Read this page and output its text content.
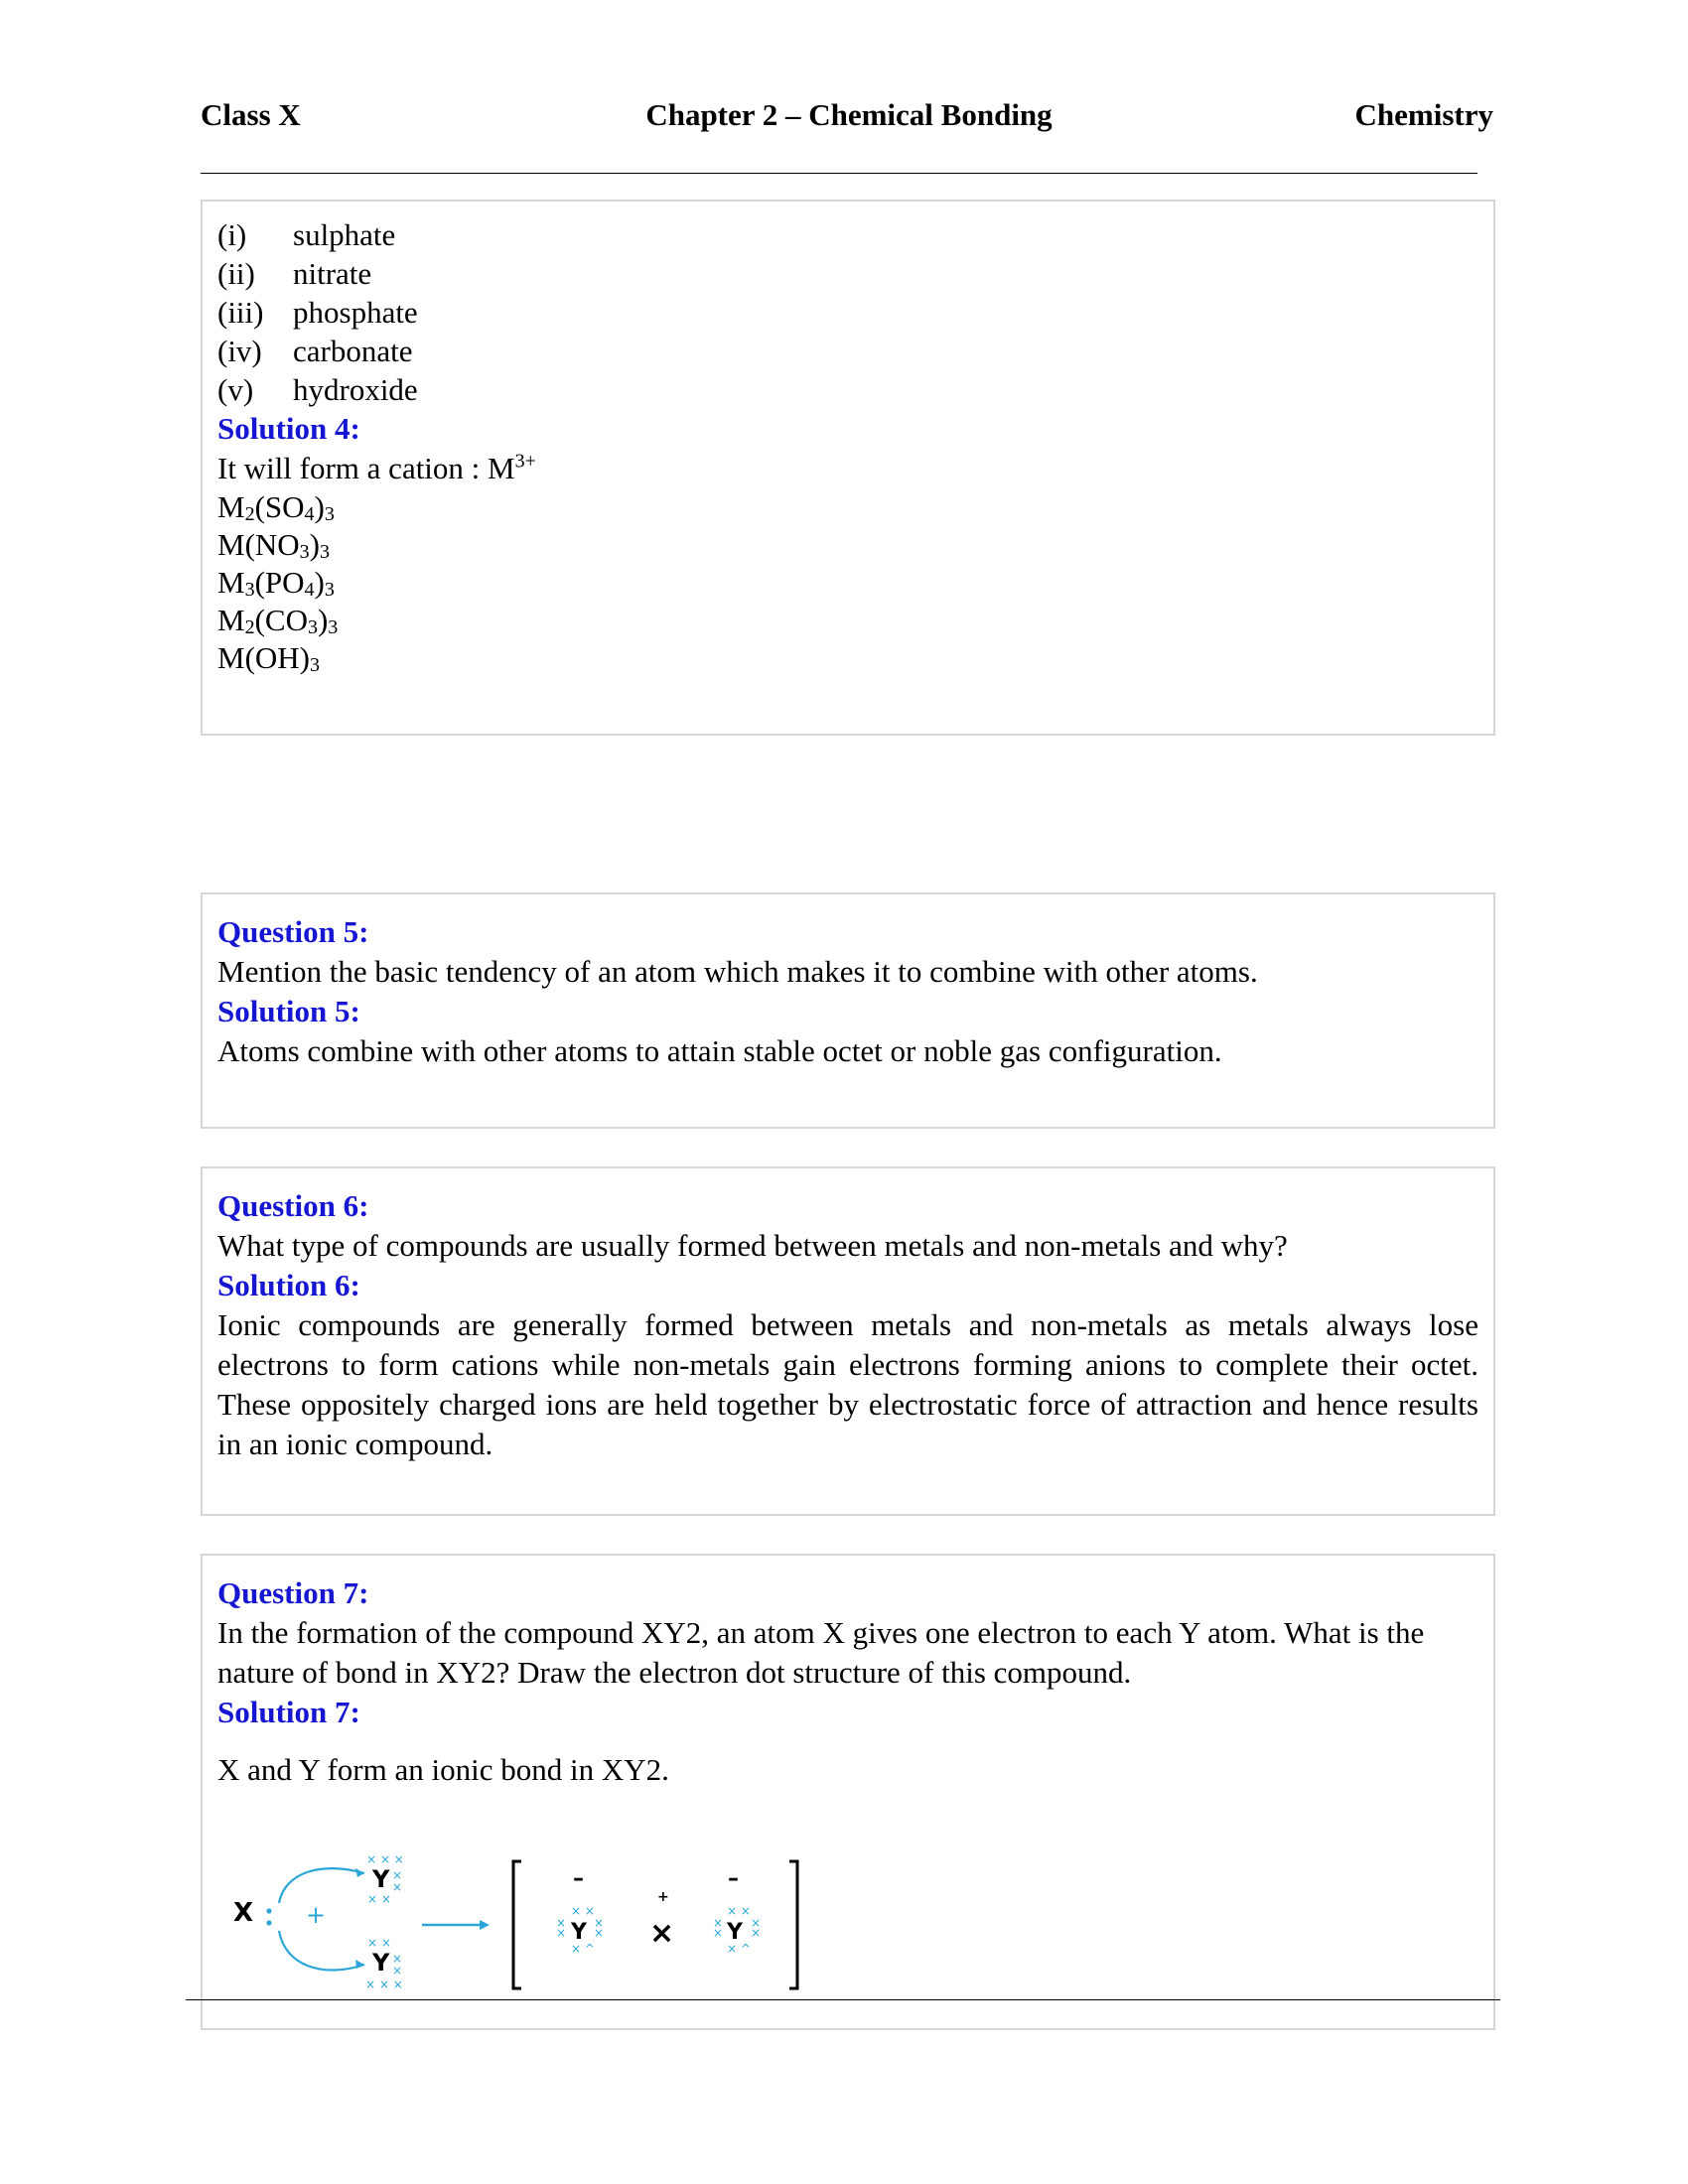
Class X	Chapter 2 – Chemical Bonding	Chemistry
(i)	sulphate
(ii)	nitrate
(iii) phosphate
(iv)	carbonate
(v)	hydroxide
Solution 4:
It will form a cation : $M^{3+}$
$M_2(SO_4)_3$
$M(NO_3)_3$
$M_3(PO_4)_3$
$M_2(CO_3)_3$
$M(OH)_3$
Question 5:
Mention the basic tendency of an atom which makes it to combine with other atoms.
Solution 5:
Atoms combine with other atoms to attain stable octet or noble gas configuration.
Question 6:
What type of compounds are usually formed between metals and non-metals and why?
Solution 6:
Ionic compounds are generally formed between metals and non-metals as metals always lose electrons to form cations while non-metals gain electrons forming anions to complete their octet. These oppositely charged ions are held together by electrostatic force of attraction and hence results in an ionic compound.
Question 7:
In the formation of the compound XY2, an atom X gives one electron to each Y atom. What is the nature of bond in XY2? Draw the electron dot structure of this compound.
Solution 7:
X and Y form an ionic bond in XY2.
X +
Y
× × ×
×
×
× ×
Y
× ×
×
×
× × ×
–
× ×
×
× Y ×
×
× ^
+
×
–
× ×
×
× Y ×
×
× ^
